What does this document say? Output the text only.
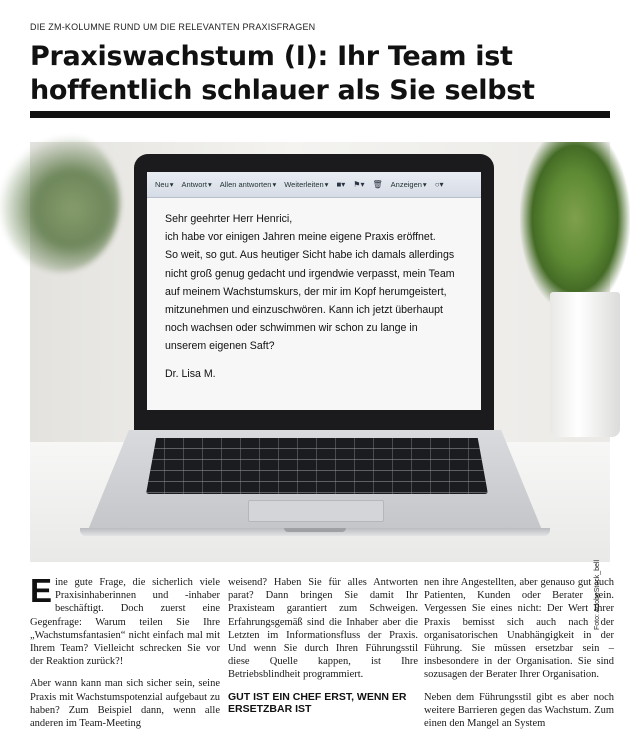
DIE ZM-KOLUMNE RUND UM DIE RELEVANTEN PRAXISFRAGEN
Praxiswachstum (I): Ihr Team ist hoffentlich schlauer als Sie selbst
Neu ▾ Antwort ▾ Allen antworten ▾ Weiterleiten ▾ ■▾ ⚑▾ 🗑 Anzeigen ▾ ○▾

Sehr geehrter Herr Henrici,

ich habe vor einigen Jahren meine eigene Praxis eröffnet.

So weit, so gut. Aus heutiger Sicht habe ich damals allerdings

nicht groß genug gedacht und irgendwie verpasst, mein Team

auf meinem Wachstumskurs, der mir im Kopf herumgeistert,

mitzunehmen und einzuschwören. Kann ich jetzt überhaupt

noch wachsen oder schwimmen wir schon zu lange in

unserem eigenen Saft?

Dr. Lisa M.

Foto: AdobeStock_bell

Eine gute Frage, die sicherlich viele Praxisinhaberinnen und -inhaber beschäftigt. Doch zuerst eine Gegenfrage: Warum teilen Sie Ihre „Wachstumsfantasien“ nicht einfach mal mit Ihrem Team? Vielleicht schrecken Sie vor der Reaktion zurück?!

Aber wann kann man sich sicher sein, seine Praxis mit Wachstumspotenzial aufgebaut zu haben? Zum Beispiel dann, wenn alle anderen im Team-Meeting

weisend? Haben Sie für alles Antworten parat? Dann bringen Sie damit Ihr Praxisteam garantiert zum Schweigen. Erfahrungsgemäß sind die Inhaber aber die Letzten im Informationsfluss der Praxis. Und wenn Sie durch Ihren Führungsstil diese Quelle kappen, ist Ihre Betriebsblindheit programmiert.

GUT IST EIN CHEF ERST, WENN ER ERSETZBAR IST

nen ihre Angestellten, aber genauso gut auch Patienten, Kunden oder Berater sein. Vergessen Sie eines nicht: Der Wert Ihrer Praxis bemisst sich auch nach der organisatorischen Unabhängigkeit in der Führung. Sie müssen ersetzbar sein – insbesondere in der Organisation. Sie sind sozusagen der Berater Ihrer Organisation.

Neben dem Führungsstil gibt es aber noch weitere Barrieren gegen das Wachstum. Zum einen den Mangel an System
